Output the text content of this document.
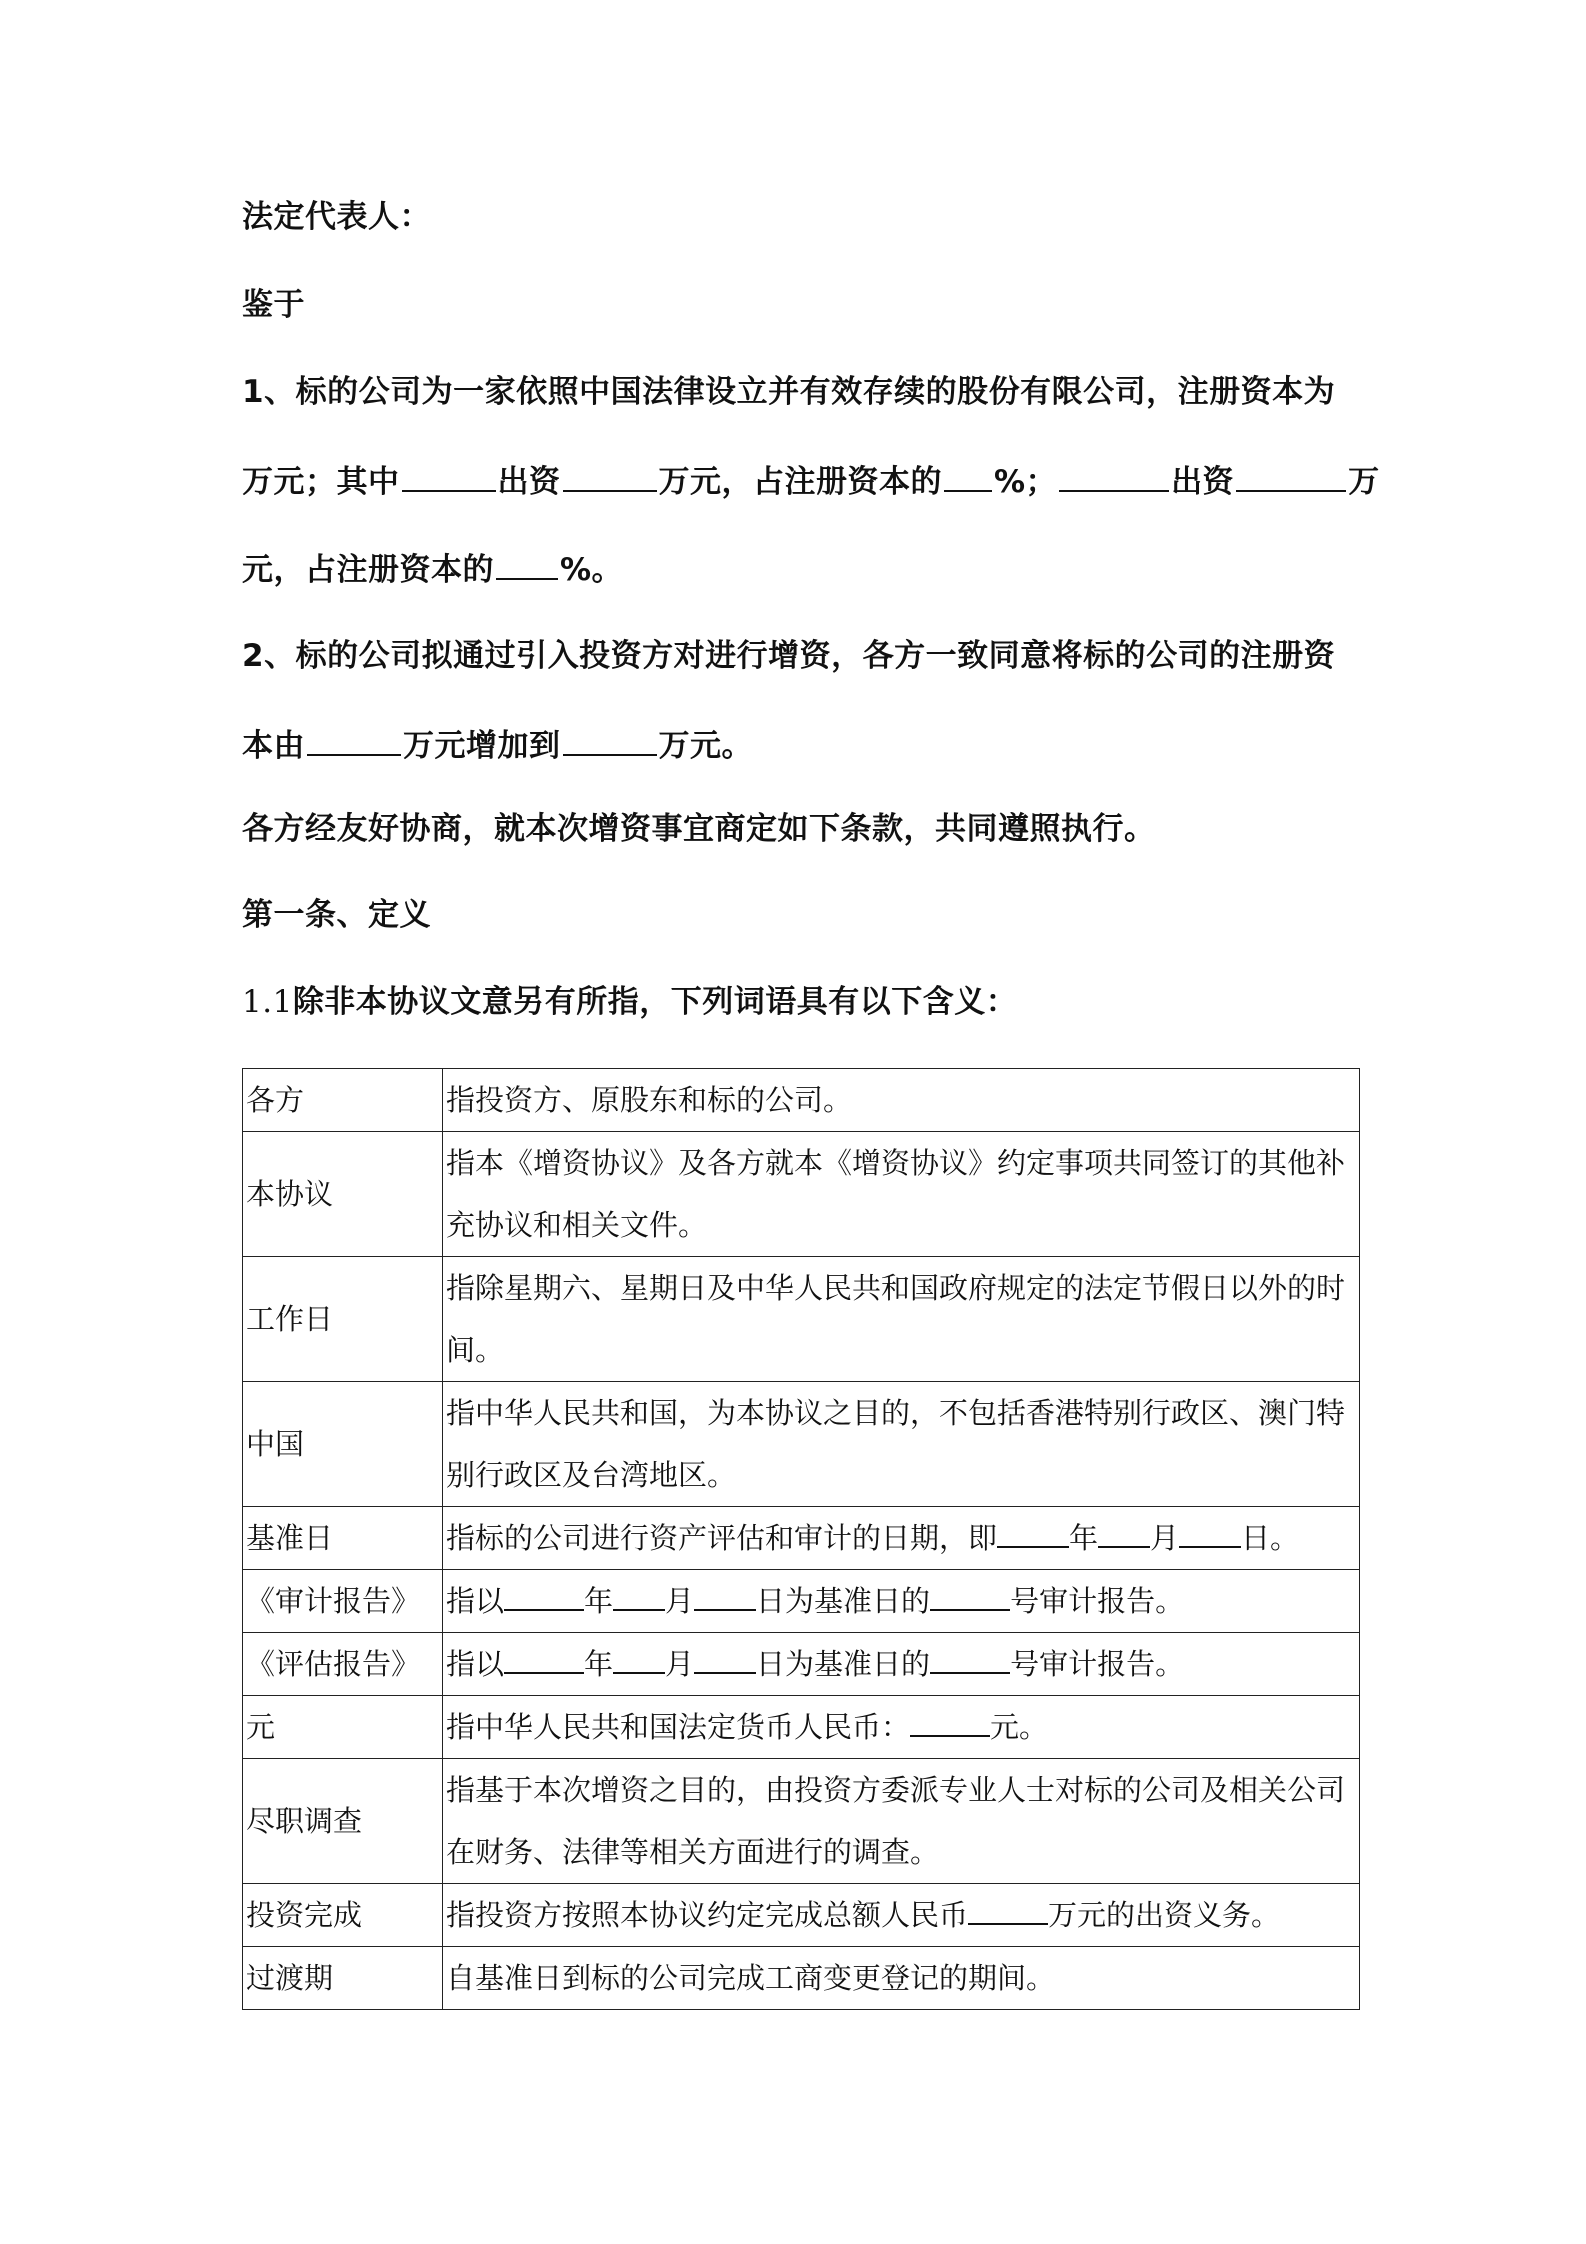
法定代表人：
鉴于
1、标的公司为一家依照中国法律设立并有效存续的股份有限公司，注册资本为
万元；其中	出资	万元，占注册资本的 %；	出资	万
元，占注册资本的 %。
2、标的公司拟通过引入投资方对进行增资，各方一致同意将标的公司的注册资
本由	万元增加到	万元。
各方经友好协商，就本次增资事宜商定如下条款，共同遵照执行。
第一条、定义
1.1除非本协议文意另有所指，下列词语具有以下含义：
各方	指投资方、原股东和标的公司。
本协议	指本《增资协议》及各方就本《增资协议》约定事项共同签订的其他补充协议和相关文件。
工作日	指除星期六、星期日及中华人民共和国政府规定的法定节假日以外的时间。
中国	指中华人民共和国，为本协议之目的，不包括香港特别行政区、澳门特别行政区及台湾地区。
基准日	指标的公司进行资产评估和审计的日期，即 年 月 日。
《审计报告》	指以 年 月 日为基准日的 号审计报告。
《评估报告》	指以 年 月 日为基准日的 号审计报告。
元	指中华人民共和国法定货币人民币： 元。
尽职调查	指基于本次增资之目的，由投资方委派专业人士对标的公司及相关公司在财务、法律等相关方面进行的调查。
投资完成	指投资方按照本协议约定完成总额人民币 万元的出资义务。
过渡期	自基准日到标的公司完成工商变更登记的期间。
